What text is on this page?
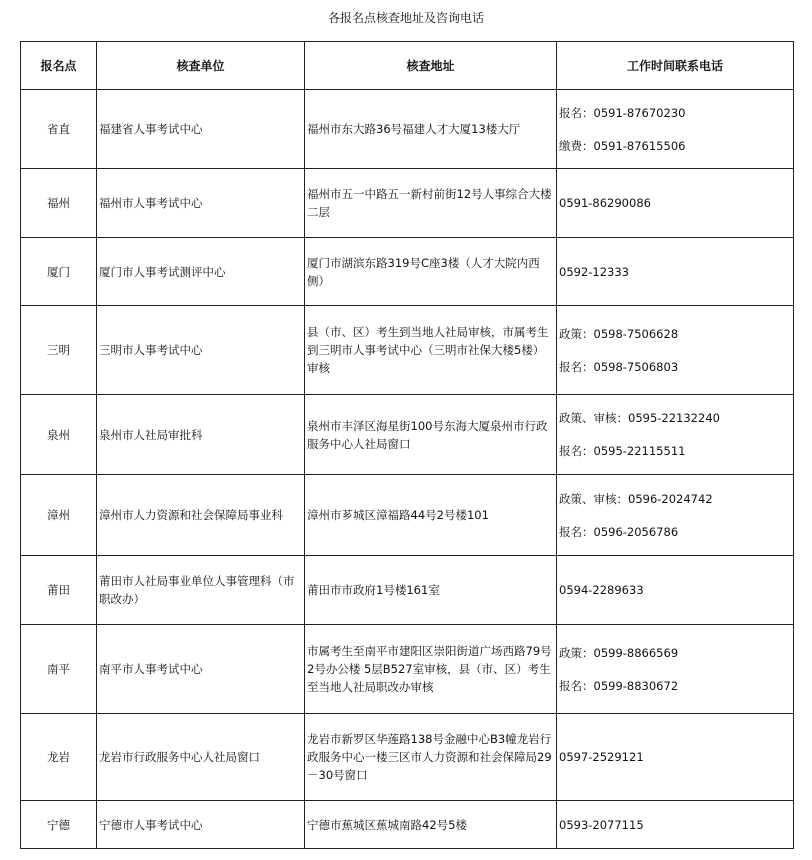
各报名点核查地址及咨询电话
报名点	核查单位	核查地址	工作时间联系电话
省直	福建省人事考试中心	福州市东大路36号福建人才大厦13楼大厅	报名：0591-87670230
缴费：0591-87615506

福州	福州市人事考试中心	福州市五一中路五一新村前街12号人事综合大楼二层	0591-86290086

厦门	厦门市人事考试测评中心	厦门市湖滨东路319号C座3楼（人才大院内西侧）	0592-12333

三明	三明市人事考试中心	县（市、区）考生到当地人社局审核，市属考生到三明市人事考试中心（三明市社保大楼5楼）审核	政策：0598-7506628
报名：0598-7506803

泉州	泉州市人社局审批科	泉州市丰泽区海星街100号东海大厦泉州市行政服务中心人社局窗口	政策、审核：0595-22132240
报名：0595-22115511

漳州	漳州市人力资源和社会保障局事业科	漳州市芗城区漳福路44号2号楼101	政策、审核：0596-2024742
报名：0596-2056786

莆田	莆田市人社局事业单位人事管理科（市职改办）	莆田市市政府1号楼161室	0594-2289633

南平	南平市人事考试中心	市属考生至南平市建阳区崇阳街道广场西路79号2号办公楼 5层B527室审核，县（市、区）考生至当地人社局职改办审核	政策：0599-8866569
报名：0599-8830672

龙岩	龙岩市行政服务中心人社局窗口	龙岩市新罗区华莲路138号金融中心B3幢龙岩行政服务中心一楼三区市人力资源和社会保障局29－30号窗口	0597-2529121

宁德	宁德市人事考试中心	宁德市蕉城区蕉城南路42号5楼	0593-2077115
